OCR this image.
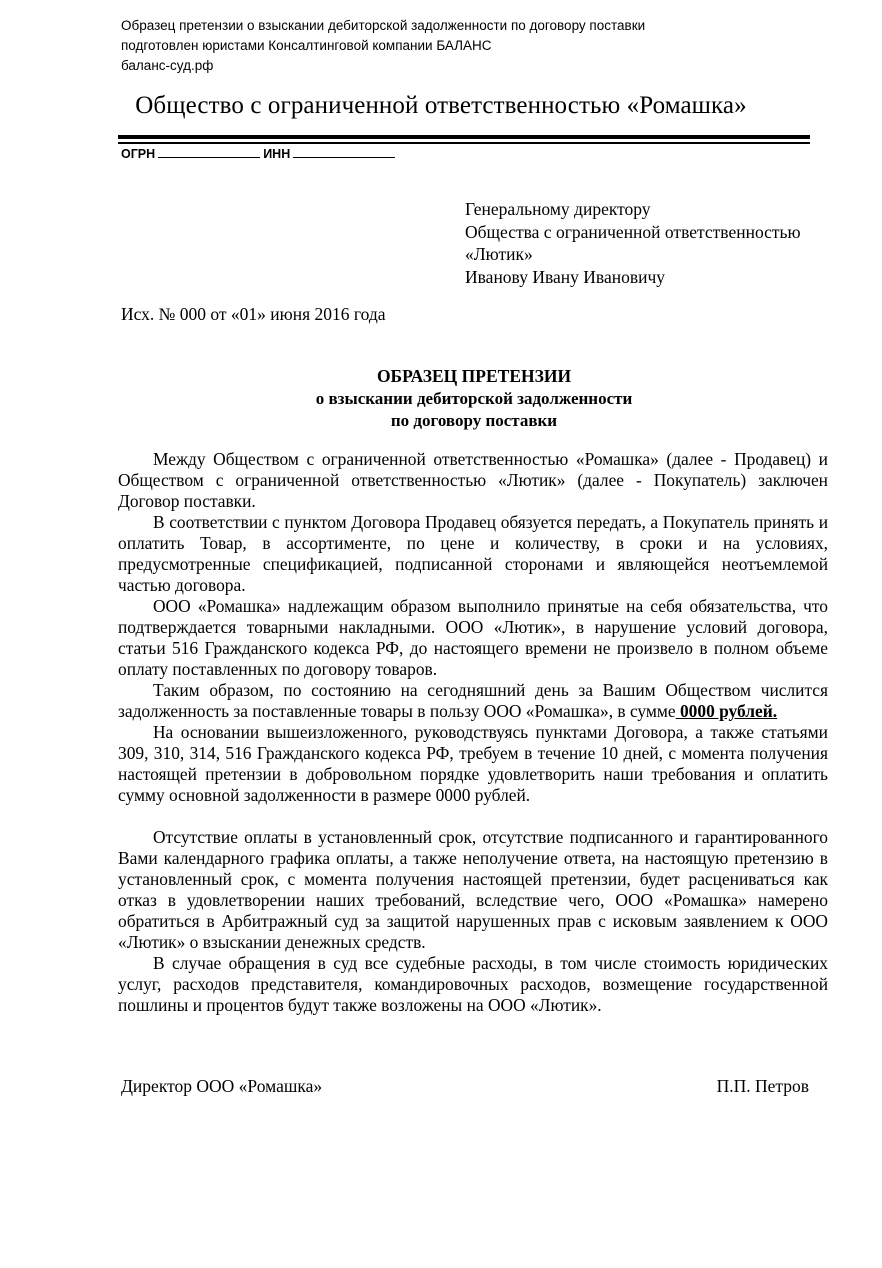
Образец претензии о взыскании дебиторской задолженности по договору поставки
подготовлен юристами Консалтинговой компании БАЛАНС
баланс-суд.рф
Общество с ограниченной ответственностью «Ромашка»
ОГРН	ИНН
Генеральному директору
Общества с ограниченной ответственностью
«Лютик»
Иванову Ивану Ивановичу
Исх. № 000 от «01» июня 2016 года
ОБРАЗЕЦ ПРЕТЕНЗИИ
о взыскании дебиторской задолженности
по договору поставки

Между Обществом с ограниченной ответственностью «Ромашка» (далее - Продавец) и Обществом с ограниченной ответственностью «Лютик» (далее - Покупатель) заключен Договор поставки.

В соответствии с пунктом Договора Продавец обязуется передать, а Покупатель принять и оплатить Товар, в ассортименте, по цене и количеству, в сроки и на условиях, предусмотренные спецификацией, подписанной сторонами и являющейся неотъемлемой частью договора.

ООО «Ромашка» надлежащим образом выполнило принятые на себя обязательства, что подтверждается товарными накладными. ООО «Лютик», в нарушение условий договора, статьи 516 Гражданского кодекса РФ, до настоящего времени не произвело в полном объеме оплату поставленных по договору товаров.

Таким образом, по состоянию на сегодняшний день за Вашим Обществом числится задолженность за поставленные товары в пользу ООО «Ромашка», в сумме 0000 рублей.

На основании вышеизложенного, руководствуясь пунктами Договора, а также статьями 309, 310, 314, 516 Гражданского кодекса РФ, требуем в течение 10 дней, с момента получения настоящей претензии в добровольном порядке удовлетворить наши требования и оплатить сумму основной задолженности в размере 0000 рублей.

Отсутствие оплаты в установленный срок, отсутствие подписанного и гарантированного Вами календарного графика оплаты, а также неполучение ответа, на настоящую претензию в установленный срок, с момента получения настоящей претензии, будет расцениваться как отказ в удовлетворении наших требований, вследствие чего, ООО «Ромашка» намерено обратиться в Арбитражный суд за защитой нарушенных прав с исковым заявлением к ООО «Лютик» о взыскании денежных средств.

В случае обращения в суд все судебные расходы, в том числе стоимость юридических услуг, расходов представителя, командировочных расходов, возмещение государственной пошлины и процентов будут также возложены на ООО «Лютик».

Директор ООО «Ромашка»	П.П. Петров
